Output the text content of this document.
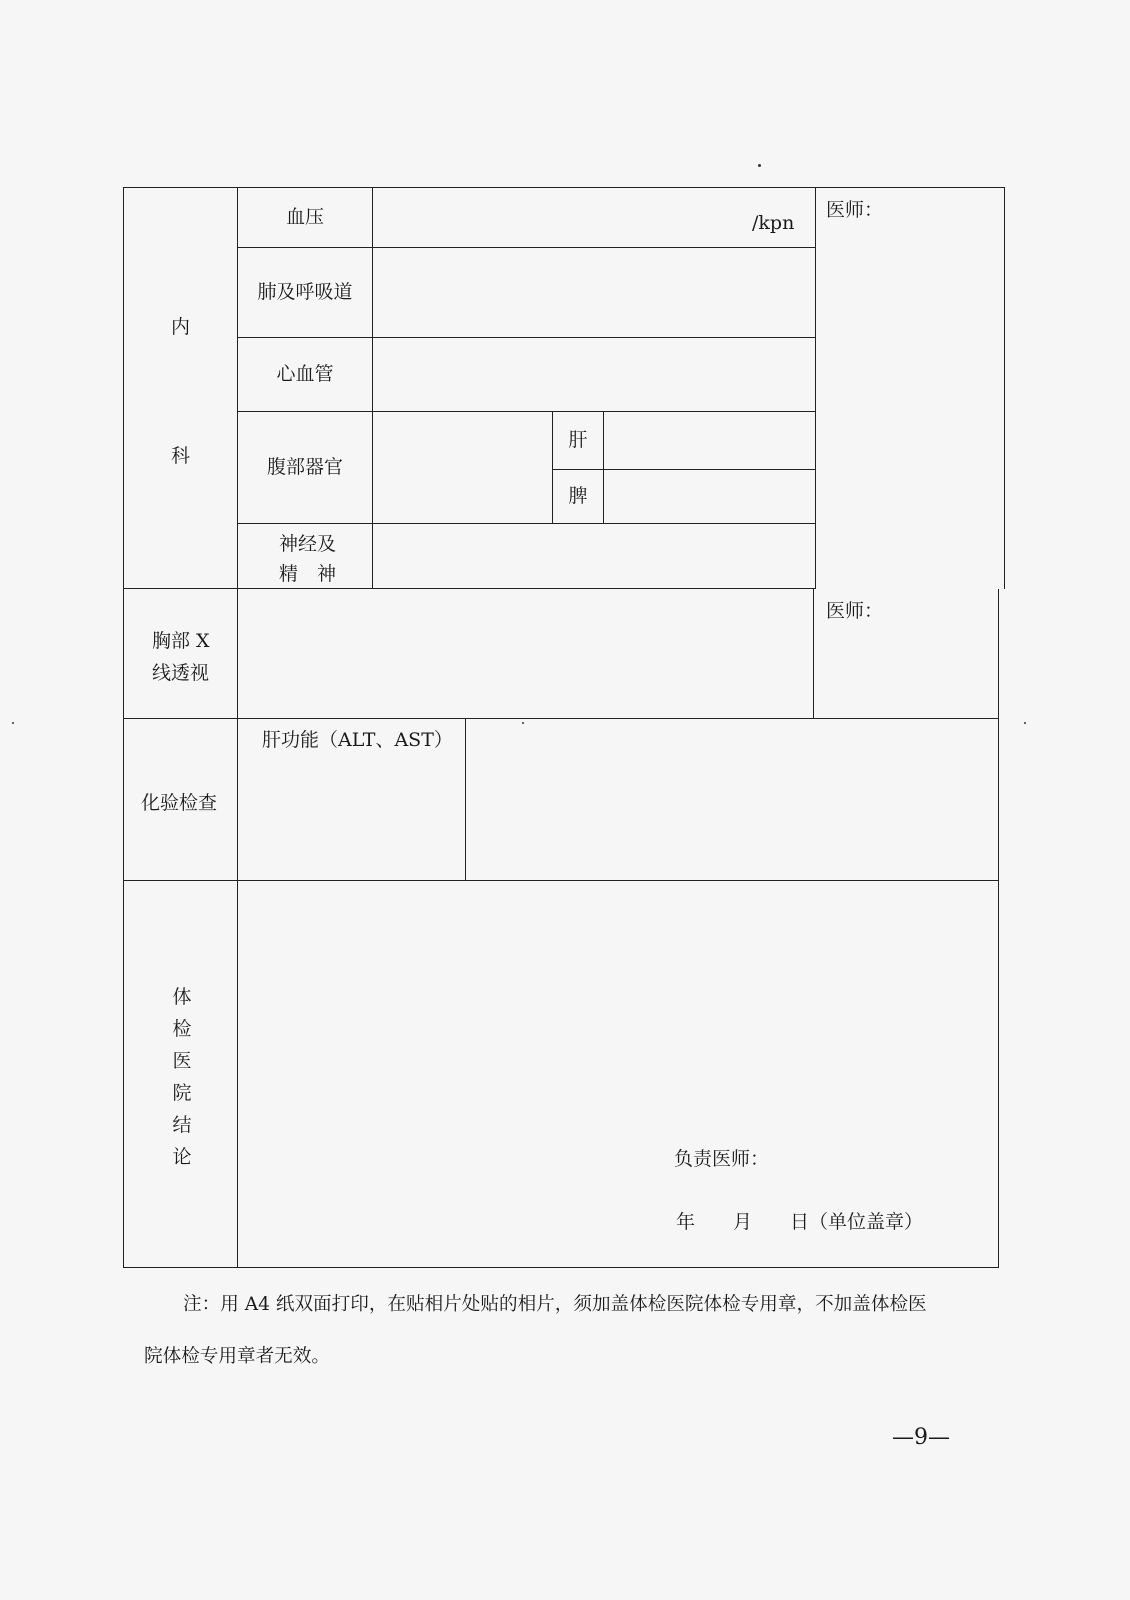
内
科
血压	/kpn
医师：
肺及呼吸道
心血管
腹部器官
肝
脾
神经及
精　神
胸部 X
线透视
医师：
化验检查
肝功能（ALT、AST）
体
检
医
院
结
论	负责医师：
年　　月　　日（单位盖章）
注：用 A4 纸双面打印，在贴相片处贴的相片，须加盖体检医院体检专用章，不加盖体检医
院体检专用章者无效。
—9—
